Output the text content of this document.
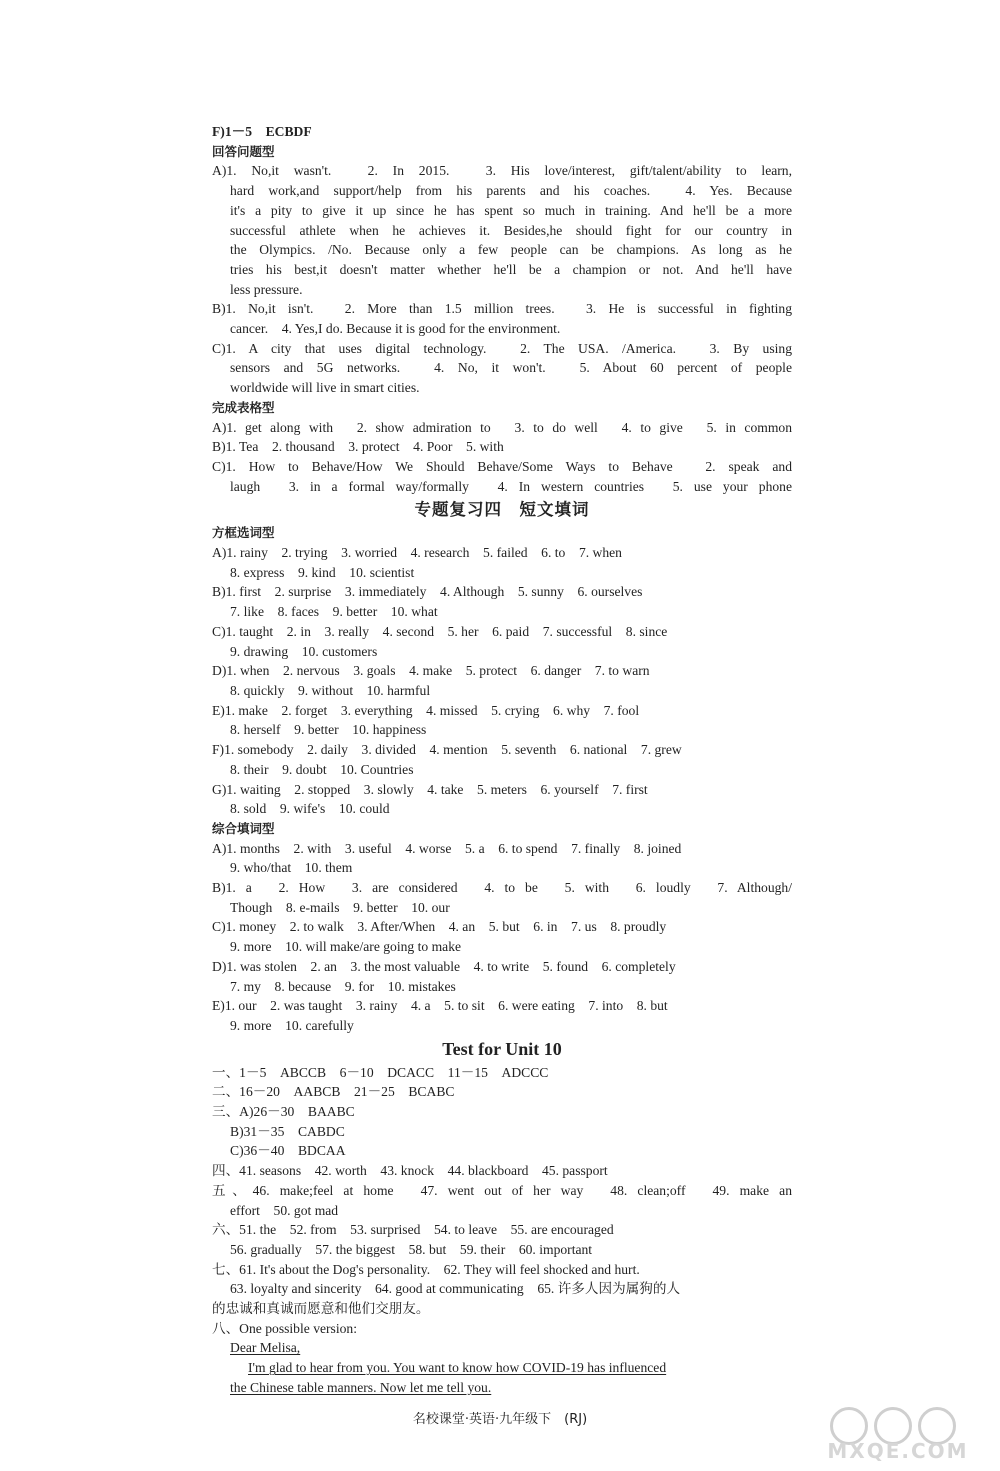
F)1－5　ECBDF
回答问题型
A)1. No,it wasn't.　2. In 2015.　3. His love/interest, gift/talent/ability to learn,
hard work,and support/help from his parents and his coaches.　4. Yes. Because
it's a pity to give it up since he has spent so much in training. And he'll be a more
successful athlete when he achieves it. Besides,he should fight for our country in
the Olympics. /No. Because only a few people can be champions. As long as he
tries his best,it doesn't matter whether he'll be a champion or not. And he'll have
less pressure.
B)1. No,it isn't.　2. More than 1.5 million trees.　3. He is successful in fighting
cancer.　4. Yes,I do. Because it is good for the environment.
C)1. A city that uses digital technology.　2. The USA. /America.　3. By using
sensors and 5G networks.　4. No, it won't.　5. About 60 percent of people
worldwide will live in smart cities.
完成表格型
A)1. get along with　2. show admiration to　3. to do well　4. to give　5. in common
B)1. Tea　2. thousand　3. protect　4. Poor　5. with
C)1. How to Behave/How We Should Behave/Some Ways to Behave　2. speak and
laugh　3. in a formal way/formally　4. In western countries　5. use your phone
专题复习四　短文填词
方框选词型
A)1. rainy　2. trying　3. worried　4. research　5. failed　6. to　7. when
8. express　9. kind　10. scientist
B)1. first　2. surprise　3. immediately　4. Although　5. sunny　6. ourselves
7. like　8. faces　9. better　10. what
C)1. taught　2. in　3. really　4. second　5. her　6. paid　7. successful　8. since
9. drawing　10. customers
D)1. when　2. nervous　3. goals　4. make　5. protect　6. danger　7. to warn
8. quickly　9. without　10. harmful
E)1. make　2. forget　3. everything　4. missed　5. crying　6. why　7. fool
8. herself　9. better　10. happiness
F)1. somebody　2. daily　3. divided　4. mention　5. seventh　6. national　7. grew
8. their　9. doubt　10. Countries
G)1. waiting　2. stopped　3. slowly　4. take　5. meters　6. yourself　7. first
8. sold　9. wife's　10. could
综合填词型
A)1. months　2. with　3. useful　4. worse　5. a　6. to spend　7. finally　8. joined
9. who/that　10. them
B)1. a　2. How　3. are considered　4. to be　5. with　6. loudly　7. Although/
Though　8. e-mails　9. better　10. our
C)1. money　2. to walk　3. After/When　4. an　5. but　6. in　7. us　8. proudly
9. more　10. will make/are going to make
D)1. was stolen　2. an　3. the most valuable　4. to write　5. found　6. completely
7. my　8. because　9. for　10. mistakes
E)1. our　2. was taught　3. rainy　4. a　5. to sit　6. were eating　7. into　8. but
9. more　10. carefully
Test for Unit 10
一、1－5　ABCCB　6－10　DCACC　11－15　ADCCC
二、16－20　AABCB　21－25　BCABC
三、A)26－30　BAABC
B)31－35　CABDC
C)36－40　BDCAA
四、41. seasons　42. worth　43. knock　44. blackboard　45. passport
五、46. make;feel at home　47. went out of her way　48. clean;off　49. make an
effort　50. got mad
六、51. the　52. from　53. surprised　54. to leave　55. are encouraged
56. gradually　57. the biggest　58. but　59. their　60. important
七、61. It's about the Dog's personality.　62. They will feel shocked and hurt.
63. loyalty and sincerity　64. good at communicating　65. 许多人因为属狗的人
的忠诚和真诚而愿意和他们交朋友。
八、One possible version:
Dear Melisa,
I'm glad to hear from you. You want to know how COVID-19 has influenced
the Chinese table manners. Now let me tell you.
名校课堂·英语·九年级下　(RJ)
MXQE.COM
